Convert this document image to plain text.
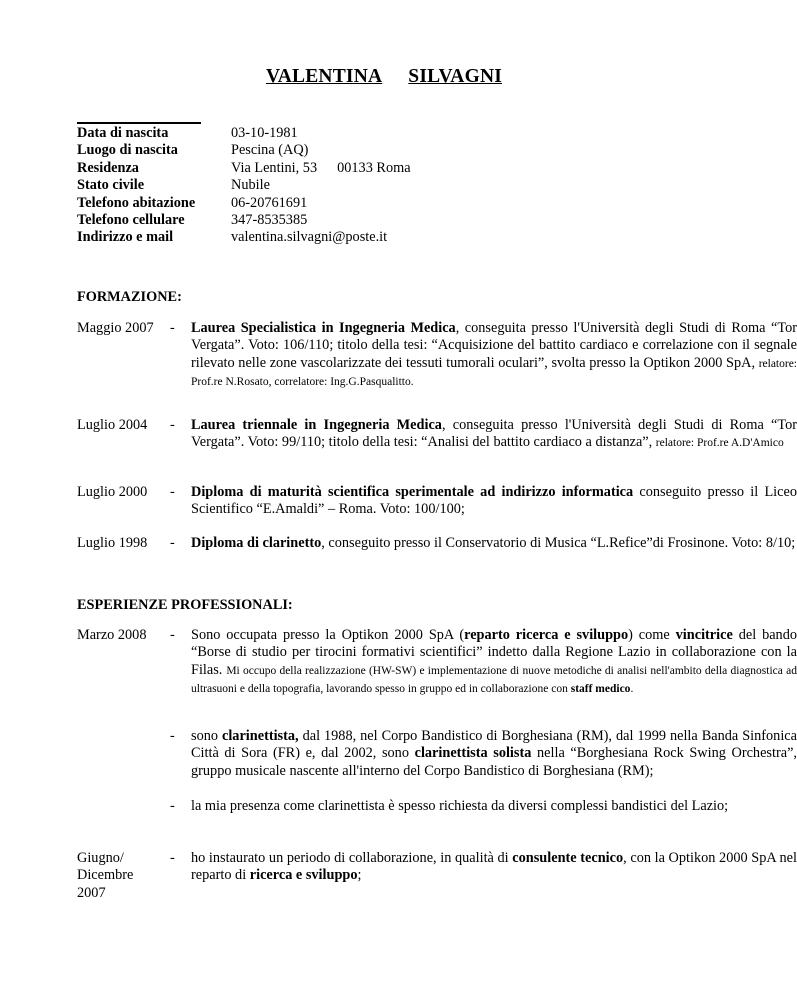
VALENTINA SILVAGNI
Data di nascita	03-10-1981
Luogo di nascita	Pescina (AQ)
Residenza	Via Lentini, 53 00133 Roma
Stato civile	Nubile
Telefono abitazione	06-20761691
Telefono cellulare	347-8535385
Indirizzo e mail	valentina.silvagni@poste.it
FORMAZIONE:
Maggio 2007 - Laurea Specialistica in Ingegneria Medica, conseguita presso l'Università degli Studi di Roma “Tor Vergata”. Voto: 106/110; titolo della tesi: “Acquisizione del battito cardiaco e correlazione con il segnale rilevato nelle zone vascolarizzate dei tessuti tumorali oculari”, svolta presso la Optikon 2000 SpA, relatore: Prof.re N.Rosato, correlatore: Ing.G.Pasqualitto.
Luglio 2004	- Laurea triennale in Ingegneria Medica, conseguita presso l'Università degli Studi di Roma “Tor Vergata”. Voto: 99/110; titolo della tesi: “Analisi del battito cardiaco a distanza”, relatore: Prof.re A.D'Amico
Luglio 2000	- Diploma di maturità scientifica sperimentale ad indirizzo informatica conseguito presso il Liceo Scientifico “E.Amaldi” – Roma. Voto: 100/100;
Luglio 1998	- Diploma di clarinetto, conseguito presso il Conservatorio di Musica “L.Refice”di Frosinone. Voto: 8/10;
ESPERIENZE PROFESSIONALI:
Marzo 2008	- Sono occupata presso la Optikon 2000 SpA (reparto ricerca e sviluppo) come vincitrice del bando “Borse di studio per tirocini formativi scientifici” indetto dalla Regione Lazio in collaborazione con la Filas. Mi occupo della realizzazione (HW-SW) e implementazione di nuove metodiche di analisi nell'ambito della diagnostica ad ultrasuoni e della topografia, lavorando spesso in gruppo ed in collaborazione con staff medico.
- sono clarinettista, dal 1988, nel Corpo Bandistico di Borghesiana (RM), dal 1999 nella Banda Sinfonica Città di Sora (FR) e, dal 2002, sono clarinettista solista nella “Borghesiana Rock Swing Orchestra”, gruppo musicale nascente all'interno del Corpo Bandistico di Borghesiana (RM);
- la mia presenza come clarinettista è spesso richiesta da diversi complessi bandistici del Lazio;
Giugno/
Dicembre
2007
- ho instaurato un periodo di collaborazione, in qualità di consulente tecnico, con la Optikon 2000 SpA nel reparto di ricerca e sviluppo;
